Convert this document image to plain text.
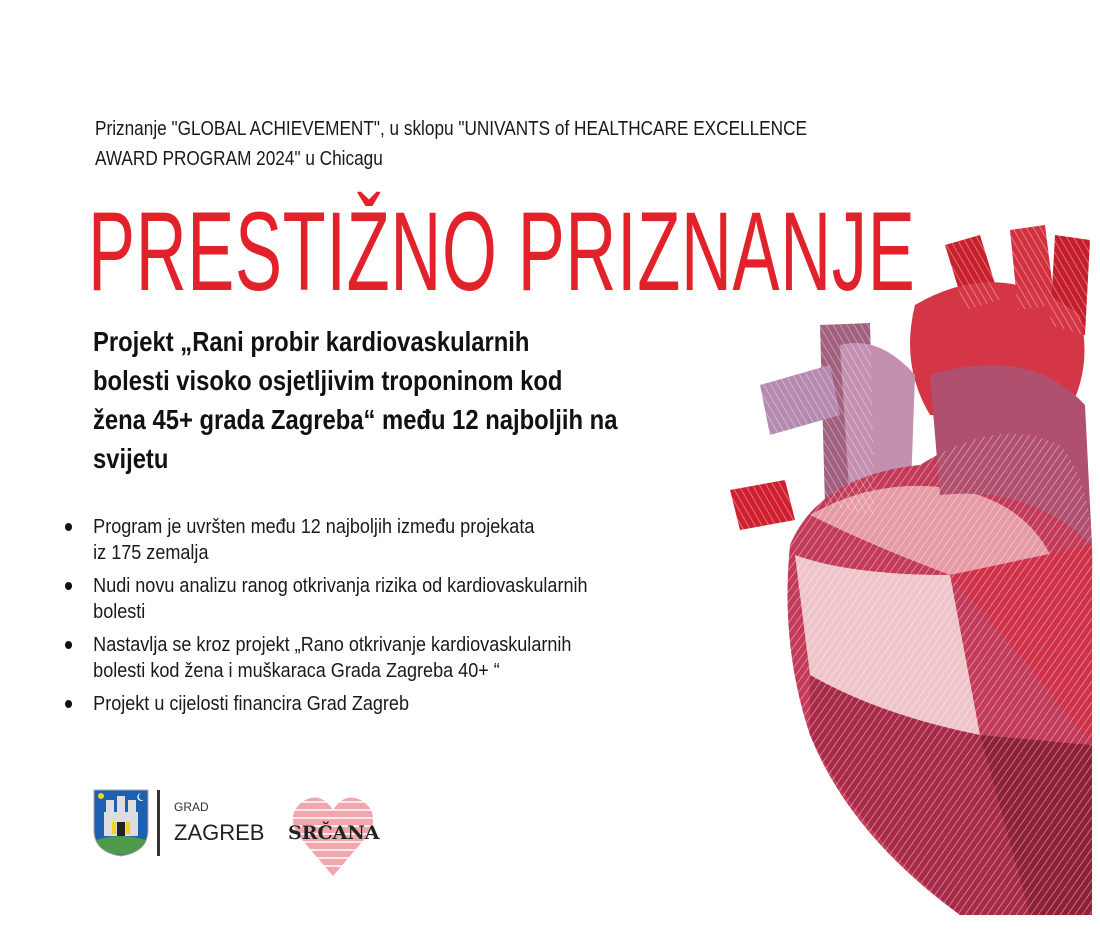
Priznanje "GLOBAL ACHIEVEMENT", u sklopu "UNIVANTS of HEALTHCARE EXCELLENCE
AWARD PROGRAM 2024" u Chicagu
PRESTIŽNO PRIZNANJE
Projekt „Rani probir kardiovaskularnih
bolesti visoko osjetljivim troponinom kod
žena 45+ grada Zagreba“ među 12 najboljih na
svijetu
Program je uvršten među 12 najboljih između projekata
iz 175 zemalja
Nudi novu analizu ranog otkrivanja rizika od kardiovaskularnih
bolesti
Nastavlja se kroz projekt „Rano otkrivanje kardiovaskularnih
bolesti kod žena i muškaraca Grada Zagreba 40+ “
Projekt u cijelosti financira Grad Zagreb
GRAD
ZAGREB SRČANA
